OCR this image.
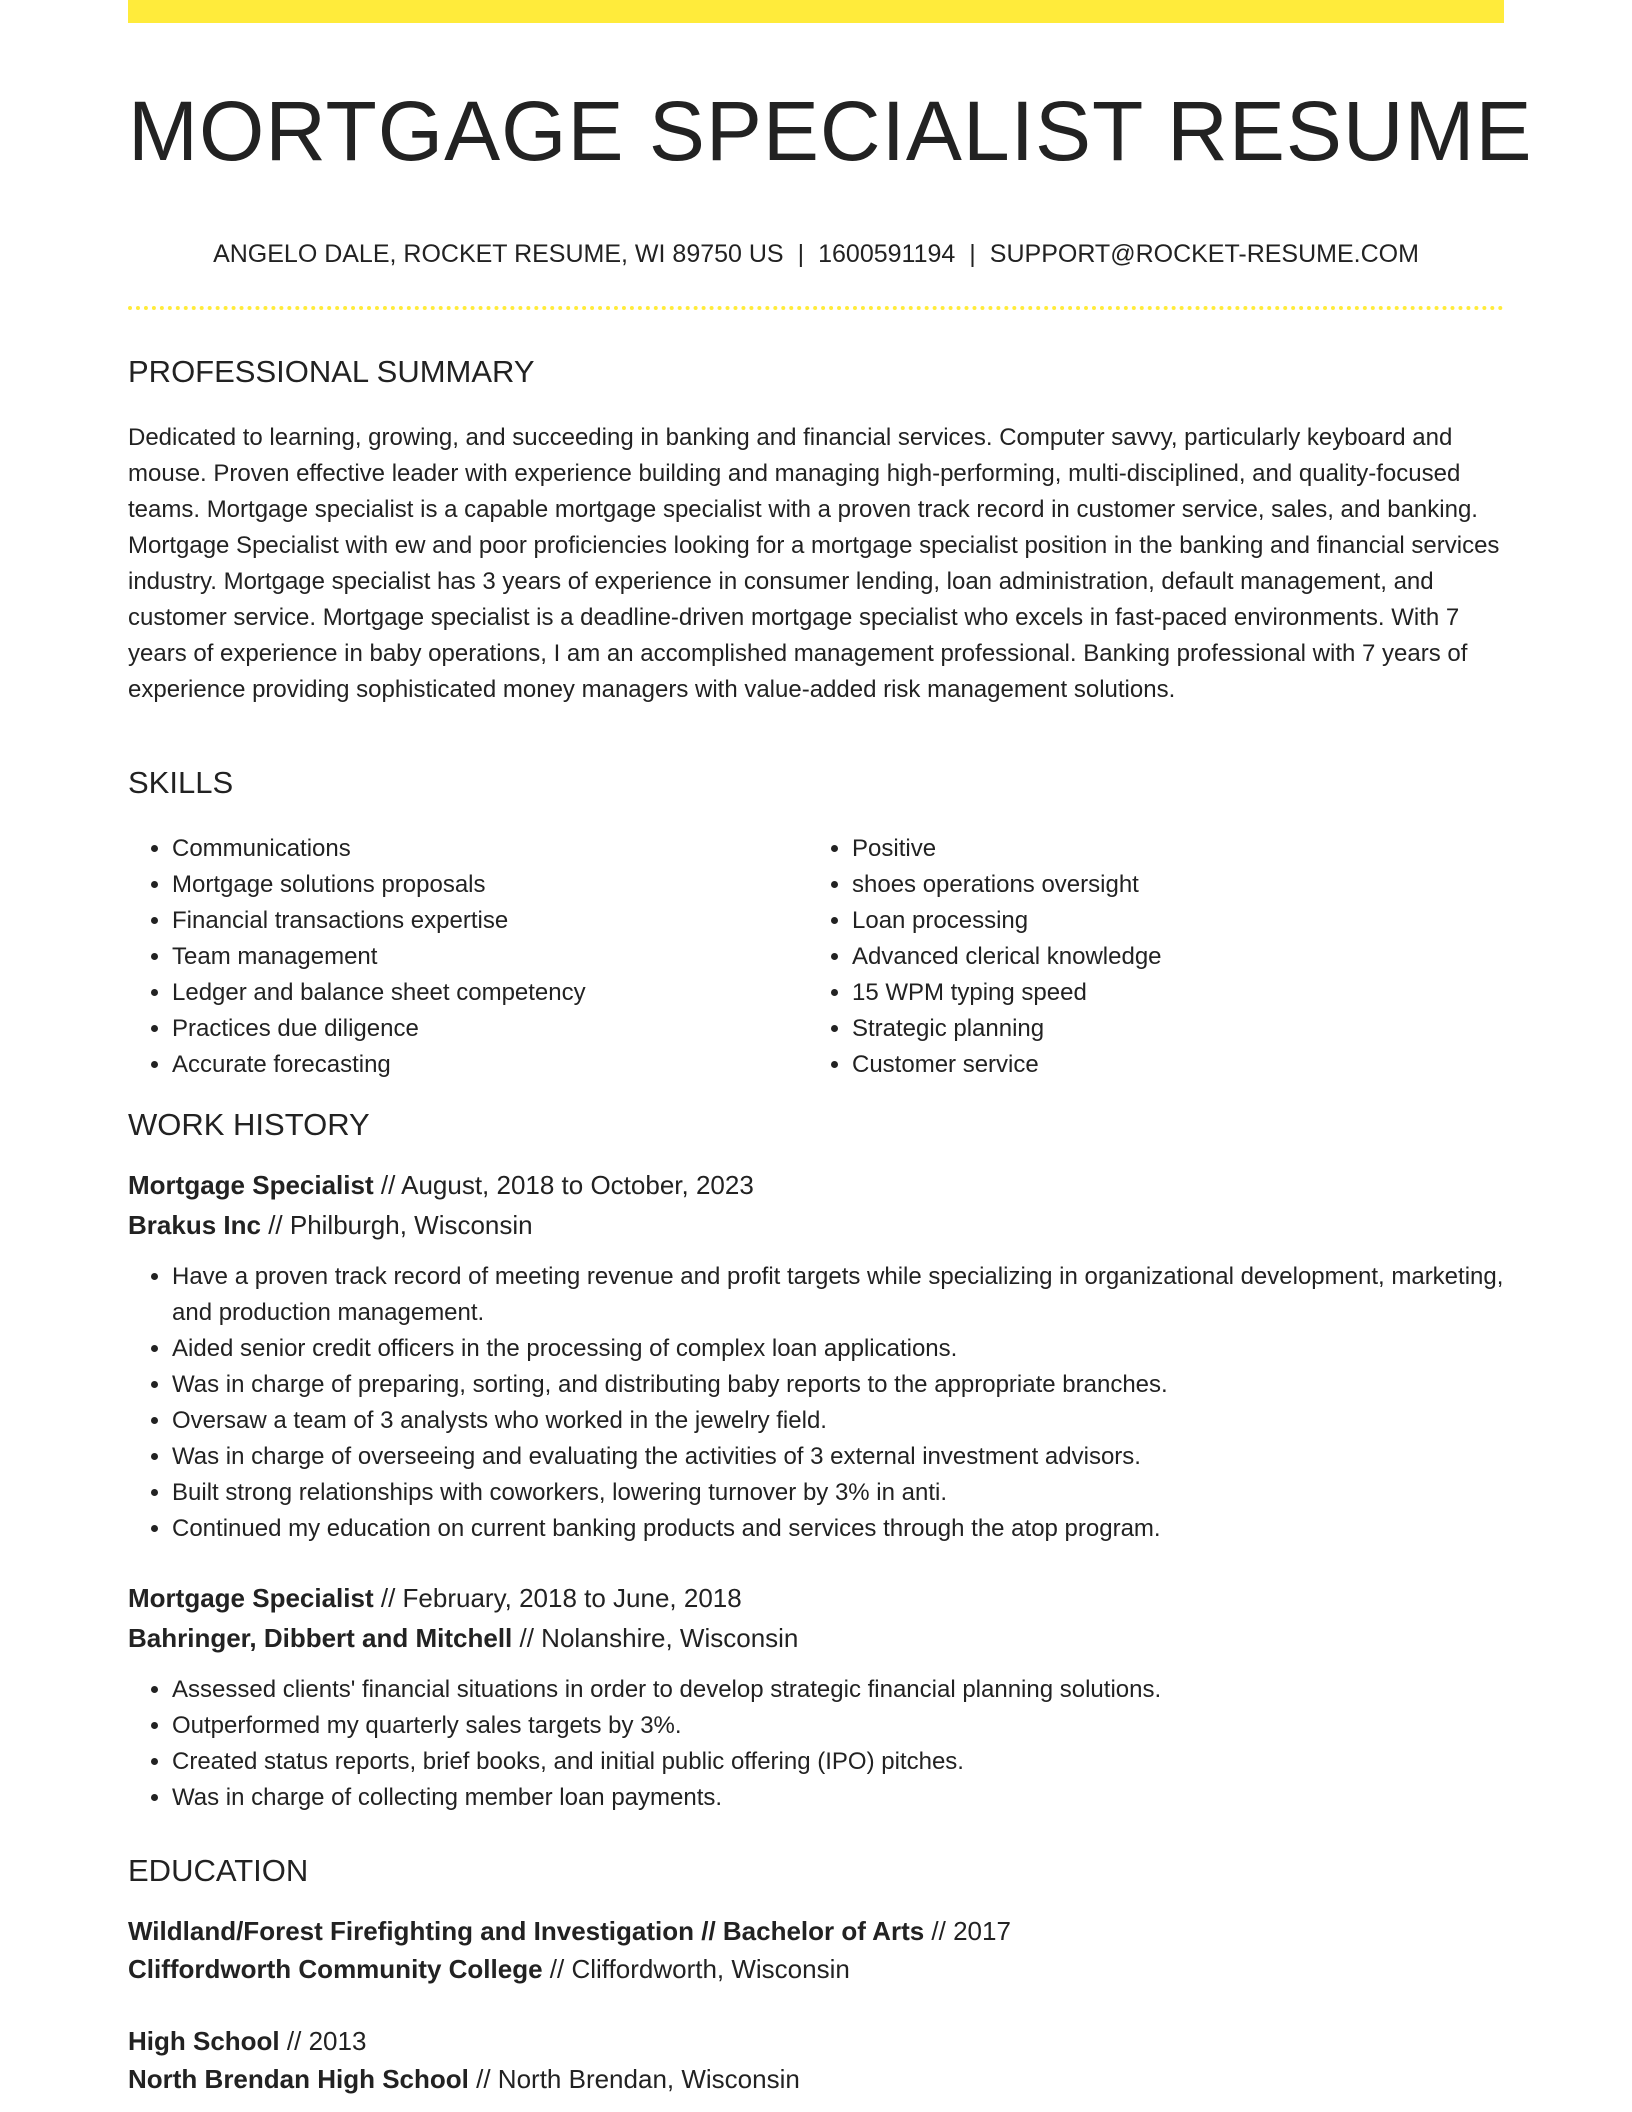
MORTGAGE SPECIALIST RESUME
ANGELO DALE, ROCKET RESUME, WI 89750 US | 1600591194 | SUPPORT@ROCKET-RESUME.COM
PROFESSIONAL SUMMARY

Dedicated to learning, growing, and succeeding in banking and financial services. Computer savvy, particularly keyboard and mouse. Proven effective leader with experience building and managing high-performing, multi-disciplined, and quality-focused teams. Mortgage specialist is a capable mortgage specialist with a proven track record in customer service, sales, and banking. Mortgage Specialist with ew and poor proficiencies looking for a mortgage specialist position in the banking and financial services industry. Mortgage specialist has 3 years of experience in consumer lending, loan administration, default management, and customer service. Mortgage specialist is a deadline-driven mortgage specialist who excels in fast-paced environments. With 7 years of experience in baby operations, I am an accomplished management professional. Banking professional with 7 years of experience providing sophisticated money managers with value-added risk management solutions.

SKILLS
• Communications
• Mortgage solutions proposals
• Financial transactions expertise
• Team management
• Ledger and balance sheet competency
• Practices due diligence
• Accurate forecasting
• Positive
• shoes operations oversight
• Loan processing
• Advanced clerical knowledge
• 15 WPM typing speed
• Strategic planning
• Customer service
WORK HISTORY
Mortgage Specialist // August, 2018 to October, 2023
Brakus Inc // Philburgh, Wisconsin
• Have a proven track record of meeting revenue and profit targets while specializing in organizational development, marketing, and production management.
• Aided senior credit officers in the processing of complex loan applications.
• Was in charge of preparing, sorting, and distributing baby reports to the appropriate branches.
• Oversaw a team of 3 analysts who worked in the jewelry field.
• Was in charge of overseeing and evaluating the activities of 3 external investment advisors.
• Built strong relationships with coworkers, lowering turnover by 3% in anti.
• Continued my education on current banking products and services through the atop program.
Mortgage Specialist // February, 2018 to June, 2018
Bahringer, Dibbert and Mitchell // Nolanshire, Wisconsin
• Assessed clients' financial situations in order to develop strategic financial planning solutions.
• Outperformed my quarterly sales targets by 3%.
• Created status reports, brief books, and initial public offering (IPO) pitches.
• Was in charge of collecting member loan payments.
EDUCATION
Wildland/Forest Firefighting and Investigation // Bachelor of Arts // 2017
Cliffordworth Community College // Cliffordworth, Wisconsin
High School // 2013
North Brendan High School // North Brendan, Wisconsin
